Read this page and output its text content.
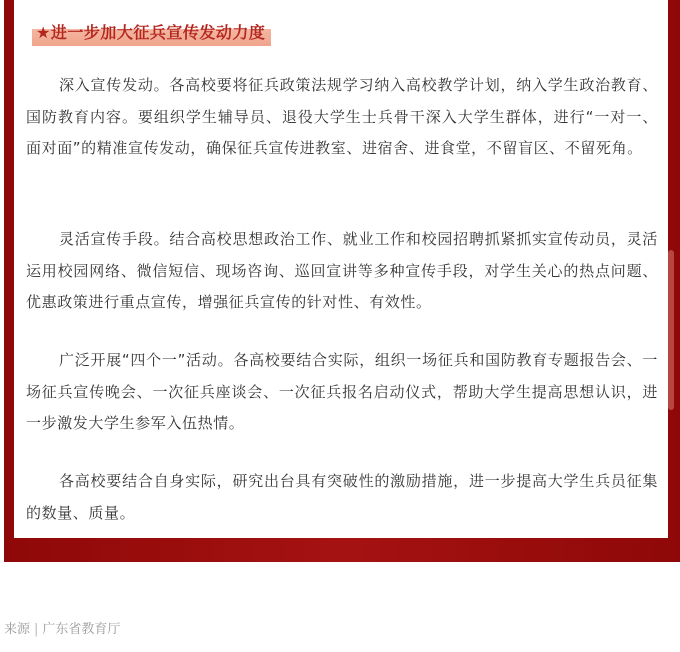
★进一步加大征兵宣传发动力度

深入宣传发动。各高校要将征兵政策法规学习纳入高校教学计划，纳入学生政治教育、国防教育内容。要组织学生辅导员、退役大学生士兵骨干深入大学生群体，进行“一对一、面对面”的精准宣传发动，确保征兵宣传进教室、进宿舍、进食堂，不留盲区、不留死角。

灵活宣传手段。结合高校思想政治工作、就业工作和校园招聘抓紧抓实宣传动员，灵活运用校园网络、微信短信、现场咨询、巡回宣讲等多种宣传手段，对学生关心的热点问题、优惠政策进行重点宣传，增强征兵宣传的针对性、有效性。

广泛开展“四个一”活动。各高校要结合实际，组织一场征兵和国防教育专题报告会、一场征兵宣传晚会、一次征兵座谈会、一次征兵报名启动仪式，帮助大学生提高思想认识，进一步激发大学生参军入伍热情。

各高校要结合自身实际，研究出台具有突破性的激励措施，进一步提高大学生兵员征集的数量、质量。

来源 | 广东省教育厅
